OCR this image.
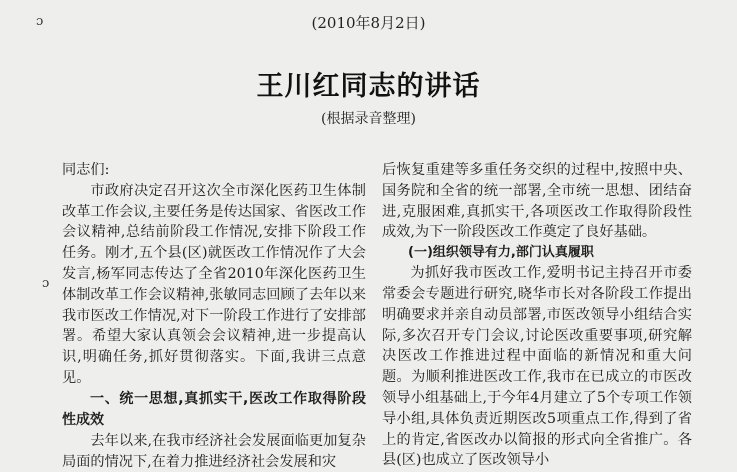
ɔ
ɔ
(2010年8月2日)
王川红同志的讲话
(根据录音整理)

同志们:

市政府决定召开这次全市深化医药卫生体制改革工作会议,主要任务是传达国家、省医改工作会议精神,总结前阶段工作情况,安排下阶段工作任务。刚才,五个县(区)就医改工作情况作了大会发言,杨军同志传达了全省2010年深化医药卫生体制改革工作会议精神,张敏同志回顾了去年以来我市医改工作情况,对下一阶段工作进行了安排部署。希望大家认真领会会议精神,进一步提高认识,明确任务,抓好贯彻落实。下面,我讲三点意见。

一、统一思想,真抓实干,医改工作取得阶段性成效

去年以来,在我市经济社会发展面临更加复杂局面的情况下,在着力推进经济社会发展和灾

后恢复重建等多重任务交织的过程中,按照中央、国务院和全省的统一部署,全市统一思想、团结奋进,克服困难,真抓实干,各项医改工作取得阶段性成效,为下一阶段医改工作奠定了良好基础。

(一)组织领导有力,部门认真履职

为抓好我市医改工作,爱明书记主持召开市委常委会专题进行研究,晓华市长对各阶段工作提出明确要求并亲自动员部署,市医改领导小组结合实际,多次召开专门会议,讨论医改重要事项,研究解决医改工作推进过程中面临的新情况和重大问题。为顺利推进医改工作,我市在已成立的市医改领导小组基础上,于今年4月建立了5个专项工作领导小组,具体负责近期医改5项重点工作,得到了省上的肯定,省医改办以简报的形式向全省推广。各县(区)也成立了医改领导小
